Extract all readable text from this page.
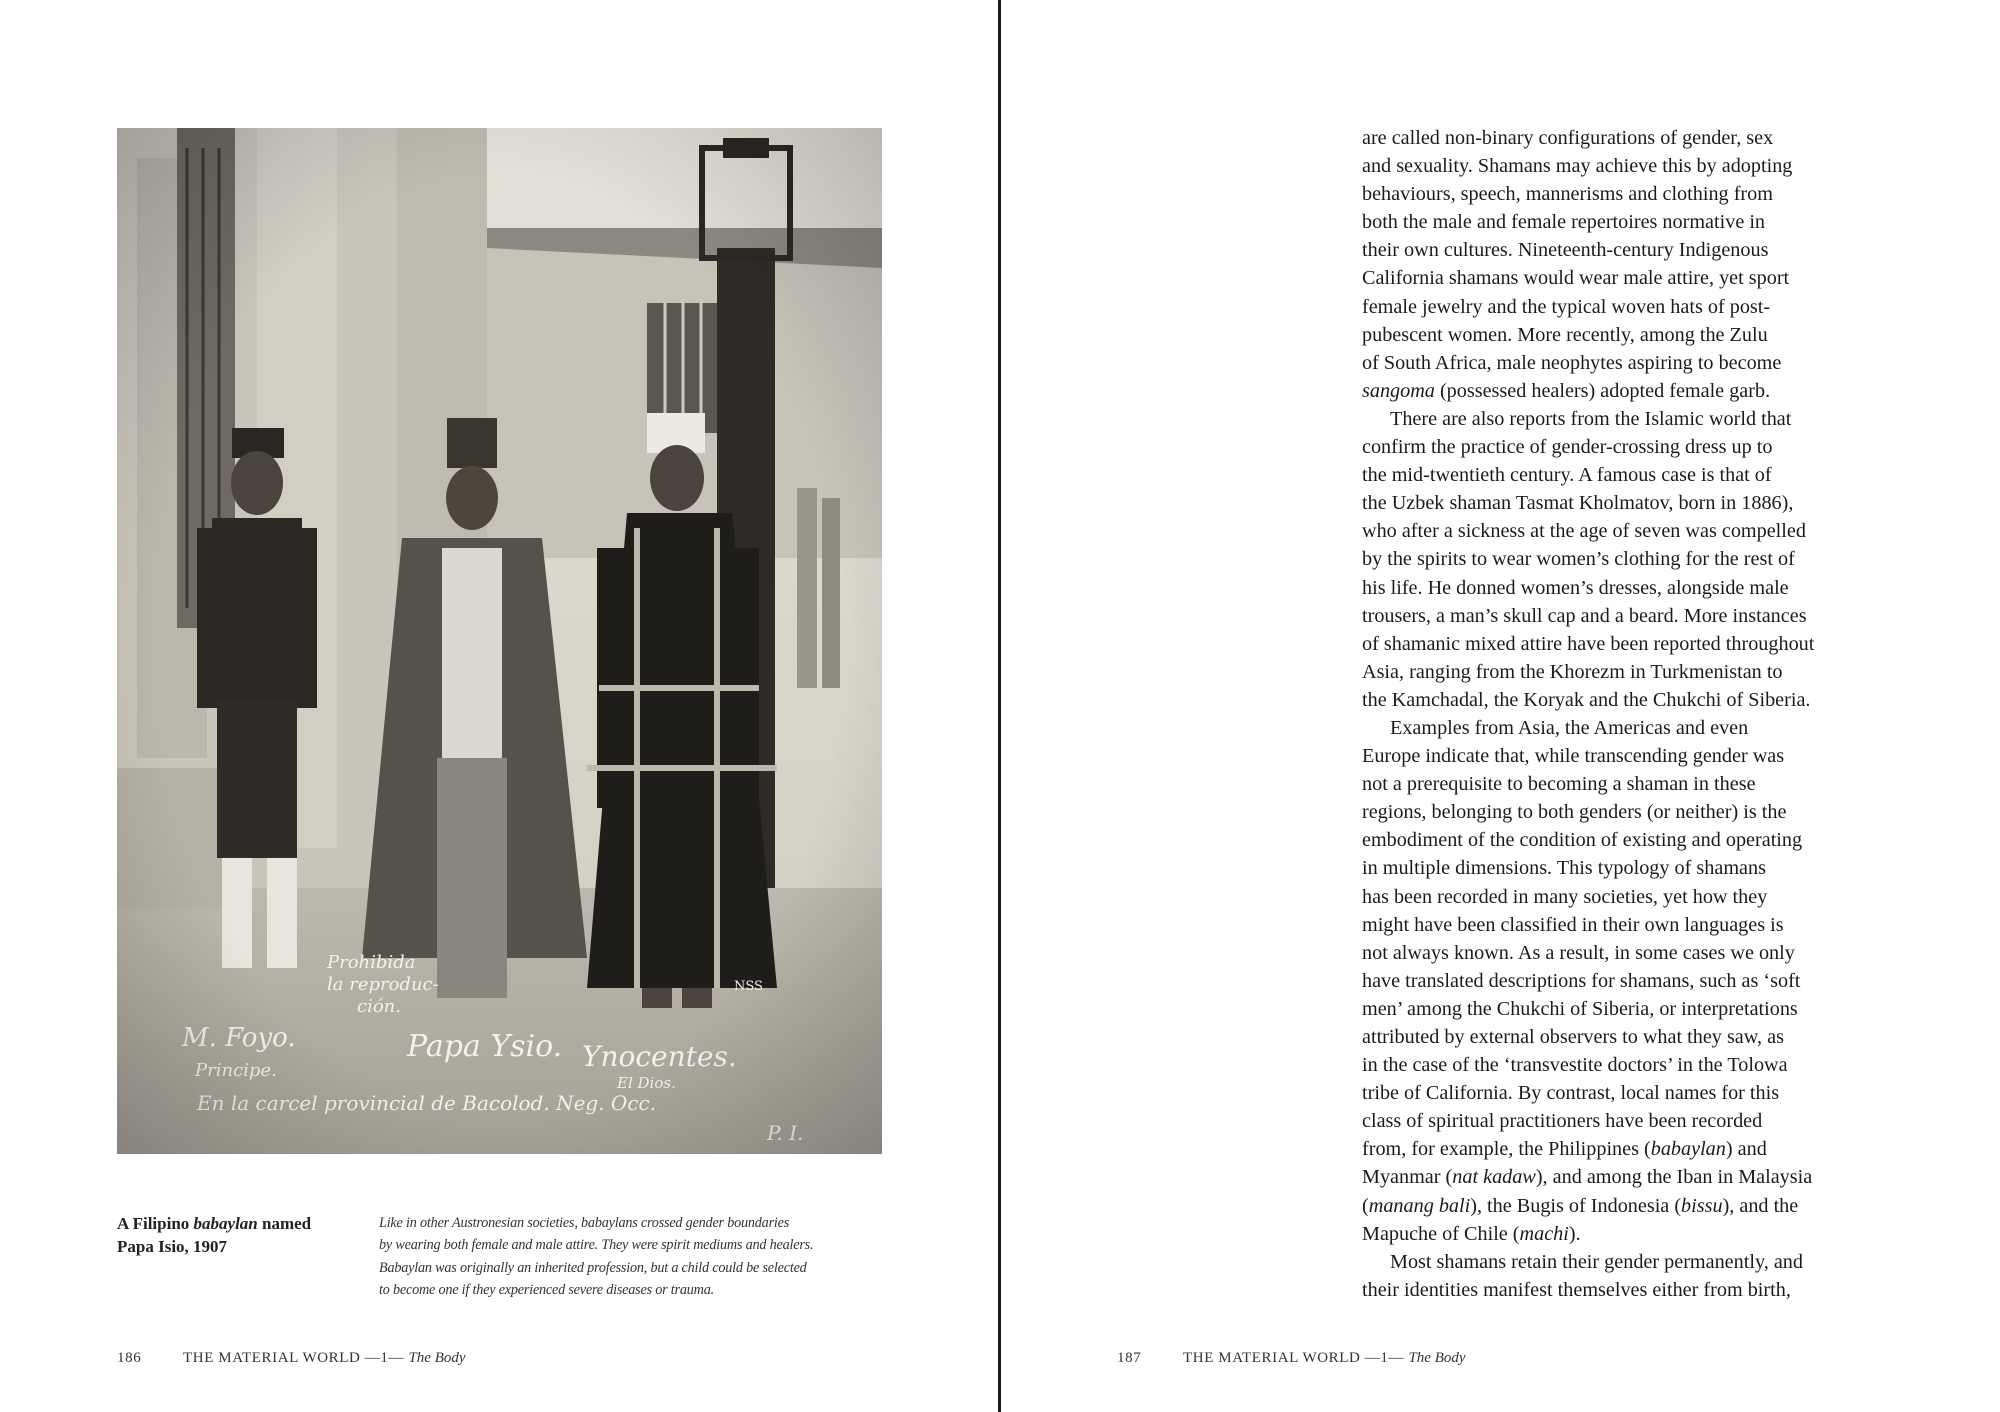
A Filipino babaylan named Papa Isio, 1907
Like in other Austronesian societies, babaylans crossed gender boundaries
by wearing both female and male attire. They were spirit mediums and healers.
Babaylan was originally an inherited profession, but a child could be selected
to become one if they experienced severe diseases or trauma.
186	THE MATERIAL WORLD —1— The Body	187	THE MATERIAL WORLD —1— The Body
are called non-binary configurations of gender, sex
and sexuality. Shamans may achieve this by adopting
behaviours, speech, mannerisms and clothing from
both the male and female repertoires normative in
their own cultures. Nineteenth-century Indigenous
California shamans would wear male attire, yet sport
female jewelry and the typical woven hats of post-
pubescent women. More recently, among the Zulu
of South Africa, male neophytes aspiring to become
sangoma (possessed healers) adopted female garb.
There are also reports from the Islamic world that
confirm the practice of gender-crossing dress up to
the mid-twentieth century. A famous case is that of
the Uzbek shaman Tasmat Kholmatov, born in 1886),
who after a sickness at the age of seven was compelled
by the spirits to wear women’s clothing for the rest of
his life. He donned women’s dresses, alongside male
trousers, a man’s skull cap and a beard. More instances
of shamanic mixed attire have been reported throughout
Asia, ranging from the Khorezm in Turkmenistan to
the Kamchadal, the Koryak and the Chukchi of Siberia.
Examples from Asia, the Americas and even
Europe indicate that, while transcending gender was
not a prerequisite to becoming a shaman in these
regions, belonging to both genders (or neither) is the
embodiment of the condition of existing and operating
in multiple dimensions. This typology of shamans
has been recorded in many societies, yet how they
might have been classified in their own languages is
not always known. As a result, in some cases we only
have translated descriptions for shamans, such as ‘soft
men’ among the Chukchi of Siberia, or interpretations
attributed by external observers to what they saw, as
in the case of the ‘transvestite doctors’ in the Tolowa
tribe of California. By contrast, local names for this
class of spiritual practitioners have been recorded
from, for example, the Philippines (babaylan) and
Myanmar (nat kadaw), and among the Iban in Malaysia
(manang bali), the Bugis of Indonesia (bissu), and the
Mapuche of Chile (machi).
Most shamans retain their gender permanently, and
their identities manifest themselves either from birth,
